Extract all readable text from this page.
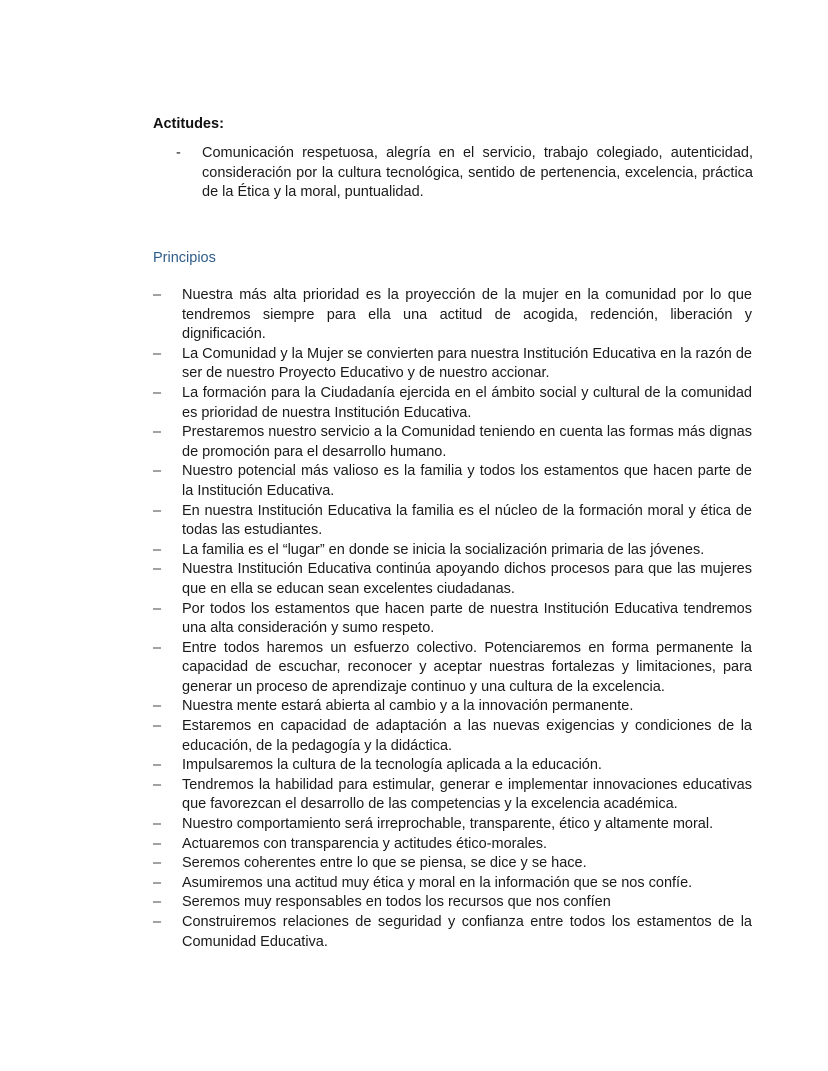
Actitudes:

- Comunicación respetuosa, alegría en el servicio, trabajo colegiado, autenticidad, consideración por la cultura tecnológica, sentido de pertenencia, excelencia, práctica de la Ética y la moral, puntualidad.
Principios
– Nuestra más alta prioridad es la proyección de la mujer en la comunidad por lo que tendremos siempre para ella una actitud de acogida, redención, liberación y dignificación.
– La Comunidad y la Mujer se convierten para nuestra Institución Educativa en la razón de ser de nuestro Proyecto Educativo y de nuestro accionar.
– La formación para la Ciudadanía ejercida en el ámbito social y cultural de la comunidad es prioridad de nuestra Institución Educativa.
– Prestaremos nuestro servicio a la Comunidad teniendo en cuenta las formas más dignas de promoción para el desarrollo humano.
– Nuestro potencial más valioso es la familia y todos los estamentos que hacen parte de la Institución Educativa.
– En nuestra Institución Educativa la familia es el núcleo de la formación moral y ética de todas las estudiantes.
– La familia es el “lugar” en donde se inicia la socialización primaria de las jóvenes.
– Nuestra Institución Educativa continúa apoyando dichos procesos para que las mujeres que en ella se educan sean excelentes ciudadanas.
– Por todos los estamentos que hacen parte de nuestra Institución Educativa tendremos una alta consideración y sumo respeto.
– Entre todos haremos un esfuerzo colectivo. Potenciaremos en forma permanente la capacidad de escuchar, reconocer y aceptar nuestras fortalezas y limitaciones, para generar un proceso de aprendizaje continuo y una cultura de la excelencia.
– Nuestra mente estará abierta al cambio y a la innovación permanente.
– Estaremos en capacidad de adaptación a las nuevas exigencias y condiciones de la educación, de la pedagogía y la didáctica.
– Impulsaremos la cultura de la tecnología aplicada a la educación.
– Tendremos la habilidad para estimular, generar e implementar innovaciones educativas que favorezcan el desarrollo de las competencias y la excelencia académica.
– Nuestro comportamiento será irreprochable, transparente, ético y altamente moral.
– Actuaremos con transparencia y actitudes ético-morales.
– Seremos coherentes entre lo que se piensa, se dice y se hace.
– Asumiremos una actitud muy ética y moral en la información que se nos confíe.
– Seremos muy responsables en todos los recursos que nos confíen
– Construiremos relaciones de seguridad y confianza entre todos los estamentos de la Comunidad Educativa.
